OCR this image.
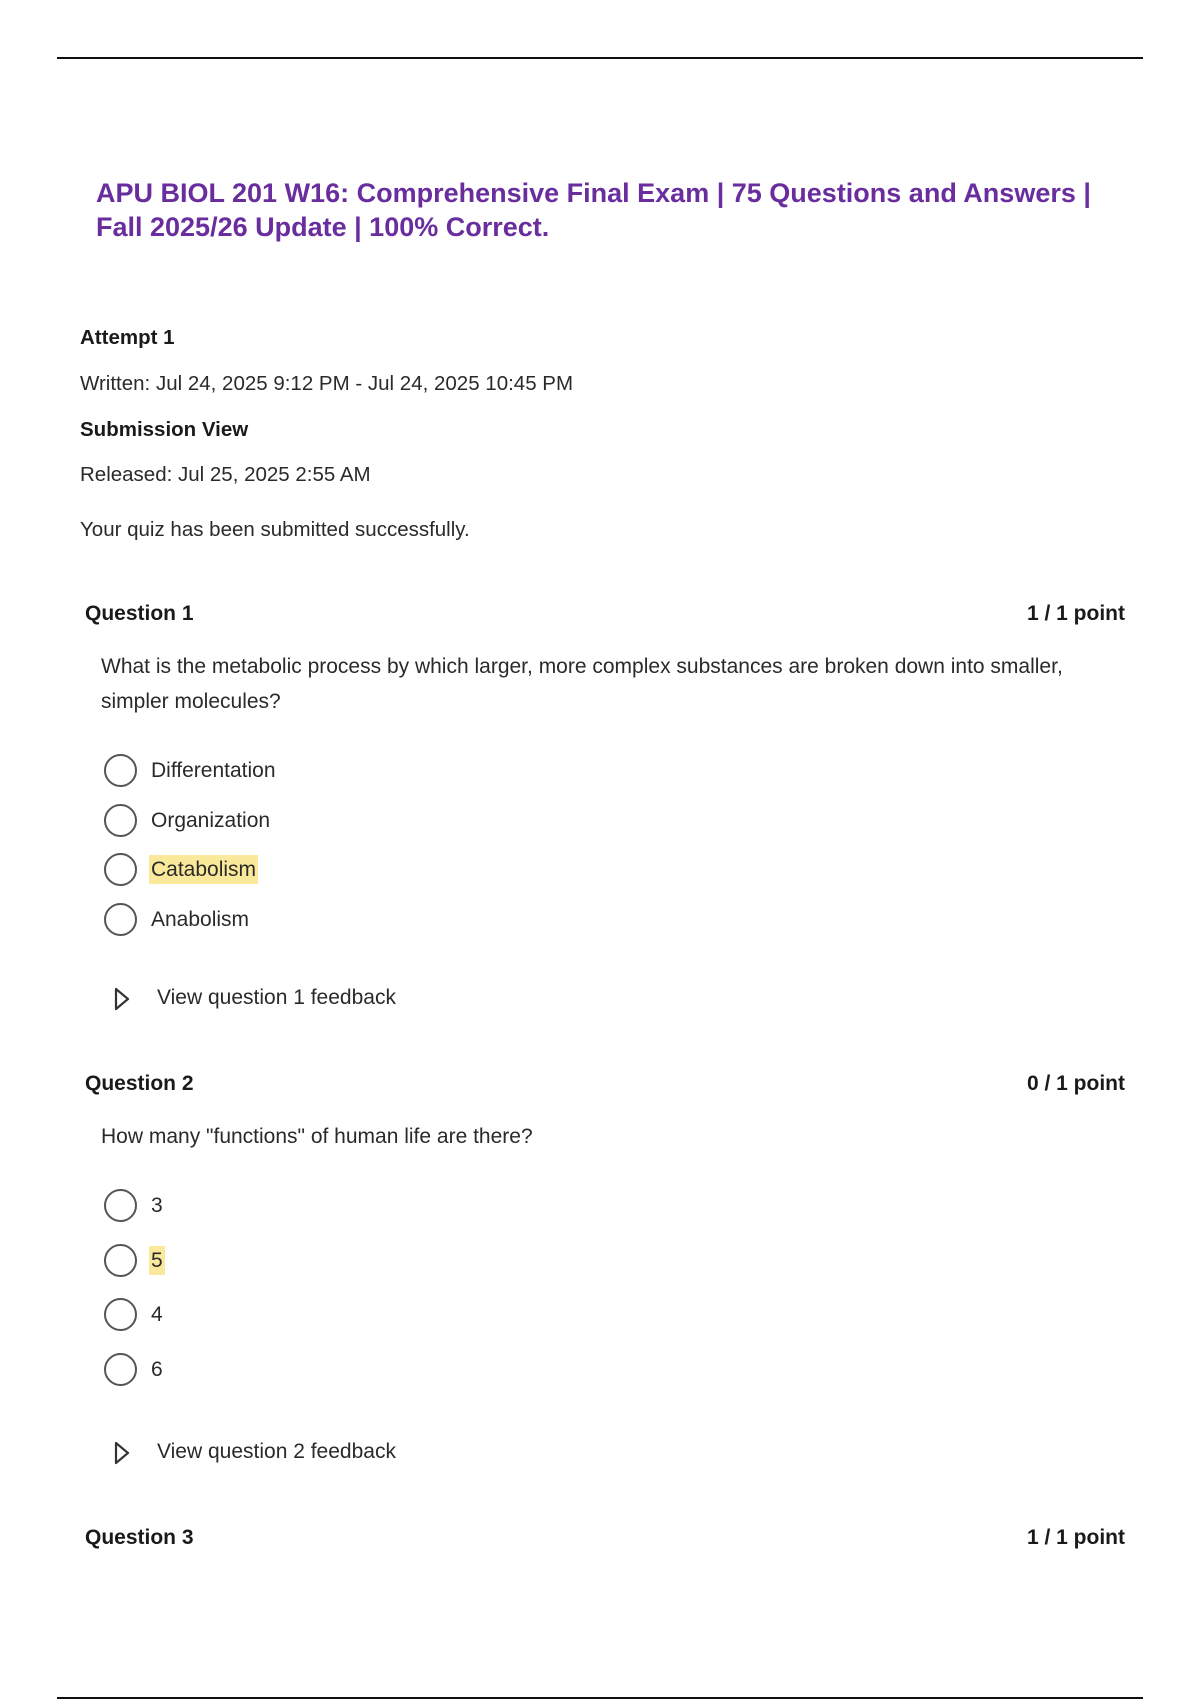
APU BIOL 201 W16: Comprehensive Final Exam | 75 Questions and Answers | Fall 2025/26 Update | 100% Correct.
Attempt 1
Written: Jul 24, 2025 9:12 PM - Jul 24, 2025 10:45 PM
Submission View
Released: Jul 25, 2025 2:55 AM
Your quiz has been submitted successfully.
Question 1	1 / 1 point

What is the metabolic process by which larger, more complex substances are broken down into smaller, simpler molecules?

Differentation
Organization
Catabolism
Anabolism
View question 1 feedback
Question 2	0 / 1 point

How many "functions" of human life are there?

3
5
4
6
View question 2 feedback
Question 3	1 / 1 point
